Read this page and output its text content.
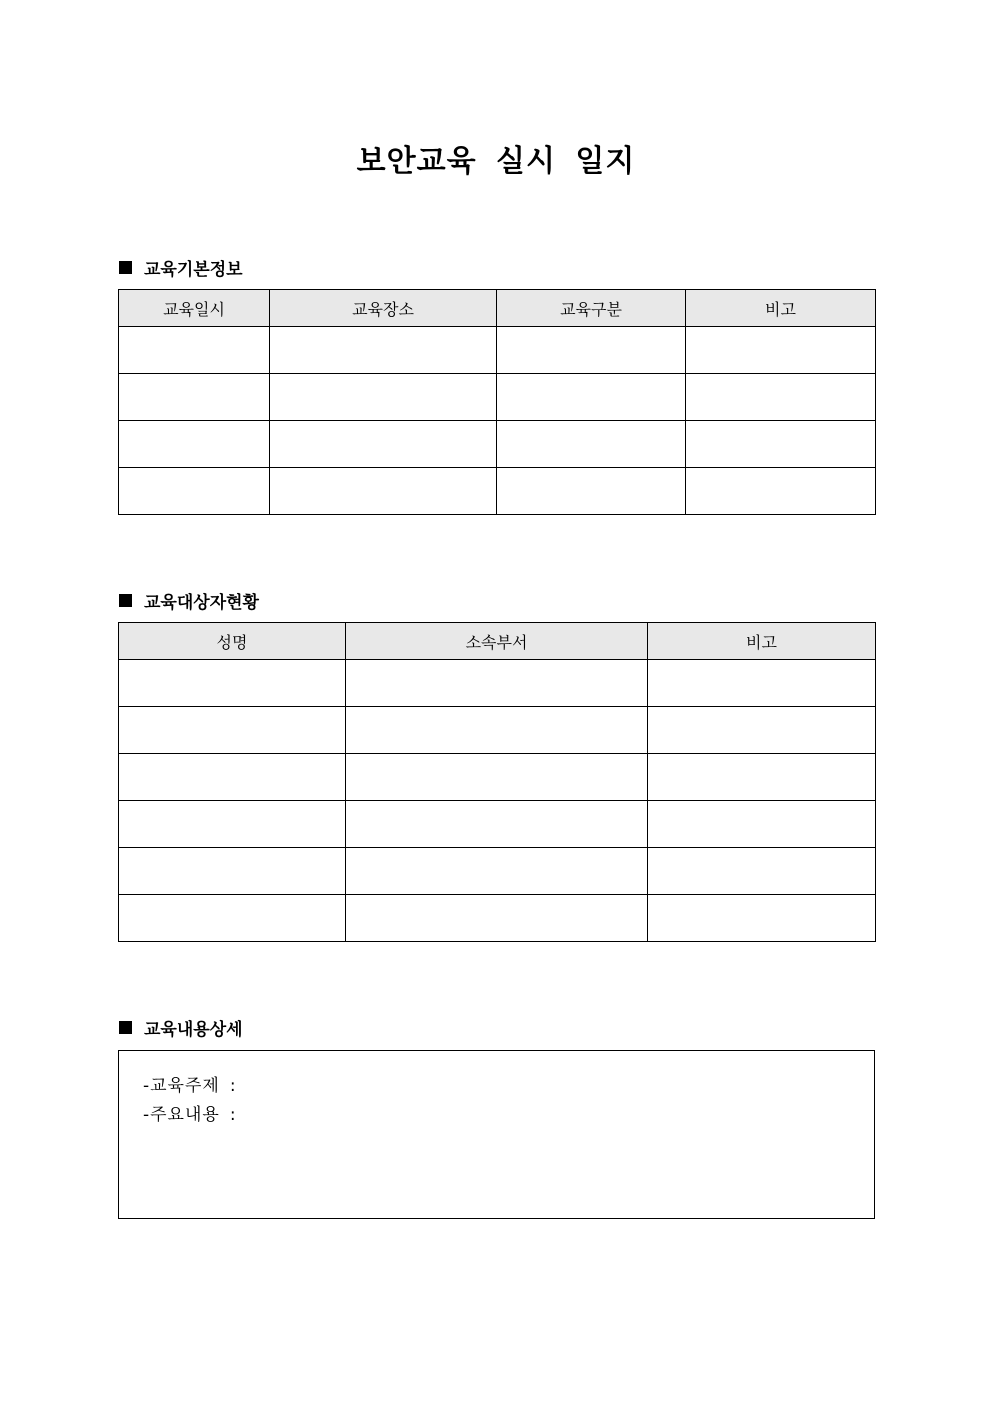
보안교육 실시 일지
교육기본정보
교육일시	교육장소	교육구분	비고

교육대상자현황
성명	소속부서	비고

교육내용상세
-교육주제 :
-주요내용 :
